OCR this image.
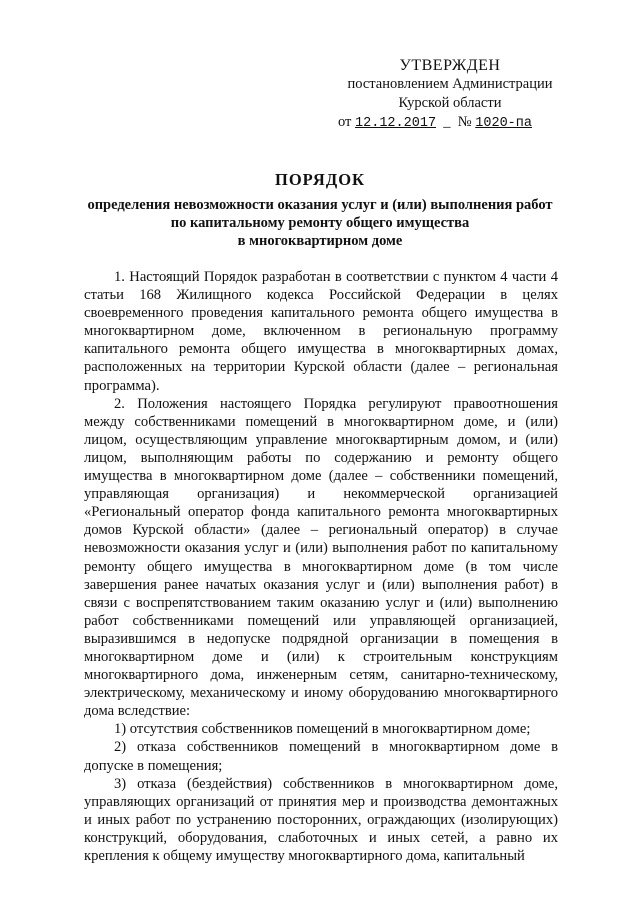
УТВЕРЖДЕН
постановлением Администрации
Курской области
от 12.12.2017  _  № 1020-па
ПОРЯДОК
определения невозможности оказания услуг и (или) выполнения работ
по капитальному ремонту общего имущества
в многоквартирном доме

1. Настоящий Порядок разработан в соответствии с пунктом 4 части 4 статьи 168 Жилищного кодекса Российской Федерации в целях своевременного проведения капитального ремонта общего имущества в многоквартирном доме, включенном в региональную программу капитального ремонта общего имущества в многоквартирных домах, расположенных на территории Курской области (далее – региональная программа).

2. Положения настоящего Порядка регулируют правоотношения между собственниками помещений в многоквартирном доме, и (или) лицом, осуществляющим управление многоквартирным домом, и (или) лицом, выполняющим работы по содержанию и ремонту общего имущества в многоквартирном доме (далее – собственники помещений, управляющая организация) и некоммерческой организацией «Региональный оператор фонда капитального ремонта многоквартирных домов Курской области» (далее – региональный оператор) в случае невозможности оказания услуг и (или) выполнения работ по капитальному ремонту общего имущества в многоквартирном доме (в том числе завершения ранее начатых оказания услуг и (или) выполнения работ) в связи с воспрепятствованием таким оказанию услуг и (или) выполнению работ собственниками помещений или управляющей организацией, выразившимся в недопуске подрядной организации в помещения в многоквартирном доме и (или) к строительным конструкциям многоквартирного дома, инженерным сетям, санитарно-техническому, электрическому, механическому и иному оборудованию многоквартирного дома вследствие:

1) отсутствия собственников помещений в многоквартирном доме;

2) отказа собственников помещений в многоквартирном доме в допуске в помещения;

3) отказа (бездействия) собственников в многоквартирном доме, управляющих организаций от принятия мер и производства демонтажных и иных работ по устранению посторонних, ограждающих (изолирующих) конструкций, оборудования, слаботочных и иных сетей, а равно их крепления к общему имуществу многоквартирного дома, капитальный
